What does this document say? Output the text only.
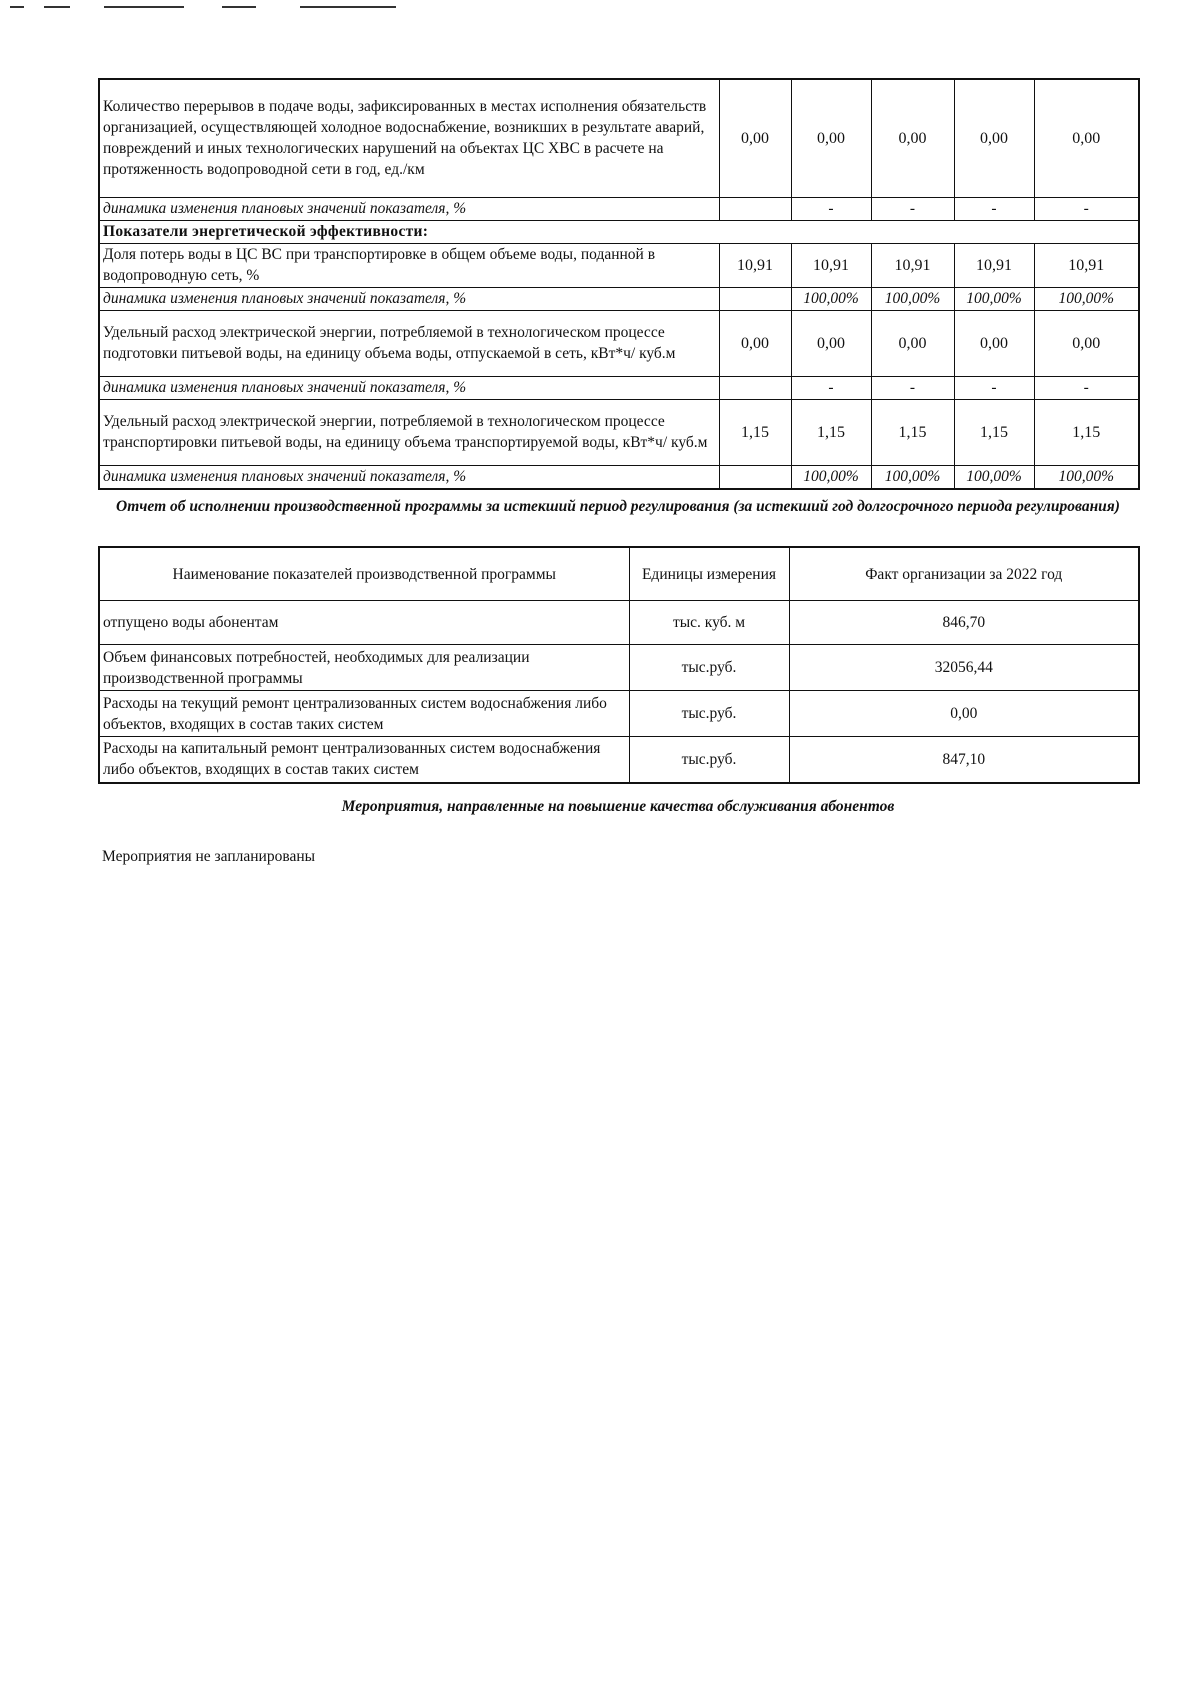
Количество перерывов в подаче воды, зафиксированных в местах исполнения обязательств организацией, осуществляющей холодное водоснабжение, возникших в результате аварий, повреждений и иных технологических нарушений на объектах ЦС ХВС в расчете на протяженность водопроводной сети в год, ед./км	0,00	0,00	0,00	0,00	0,00
динамика изменения плановых значений показателя, %		-	-	-	-
Показатели энергетической эффективности:					
Доля потерь воды в ЦС ВС при транспортировке в общем объеме воды, поданной в водопроводную сеть, %	10,91	10,91	10,91	10,91	10,91
динамика изменения плановых значений показателя, %		100,00%	100,00%	100,00%	100,00%
Удельный расход электрической энергии, потребляемой в технологическом процессе подготовки питьевой воды, на единицу объема воды, отпускаемой в сеть, кВт*ч/ куб.м	0,00	0,00	0,00	0,00	0,00
динамика изменения плановых значений показателя, %		-	-	-	-
Удельный расход электрической энергии, потребляемой в технологическом процессе транспортировки питьевой воды, на единицу объема транспортируемой воды, кВт*ч/ куб.м	1,15	1,15	1,15	1,15	1,15
динамика изменения плановых значений показателя, %		100,00%	100,00%	100,00%	100,00%
Отчет об исполнении производственной программы за истекший период регулирования (за истекший год долгосрочного периода регулирования)
Наименование показателей производственной программы	Единицы измерения	Факт организации за 2022 год
отпущено воды абонентам	тыс. куб. м	846,70
Объем финансовых потребностей, необходимых для реализации производственной программы	тыс.руб.	32056,44
Расходы на текущий ремонт централизованных систем водоснабжения либо объектов, входящих в состав таких систем	тыс.руб.	0,00
Расходы на капитальный ремонт централизованных систем водоснабжения либо объектов, входящих в состав таких систем	тыс.руб.	847,10
Мероприятия, направленные на повышение качества обслуживания абонентов
Мероприятия не запланированы
